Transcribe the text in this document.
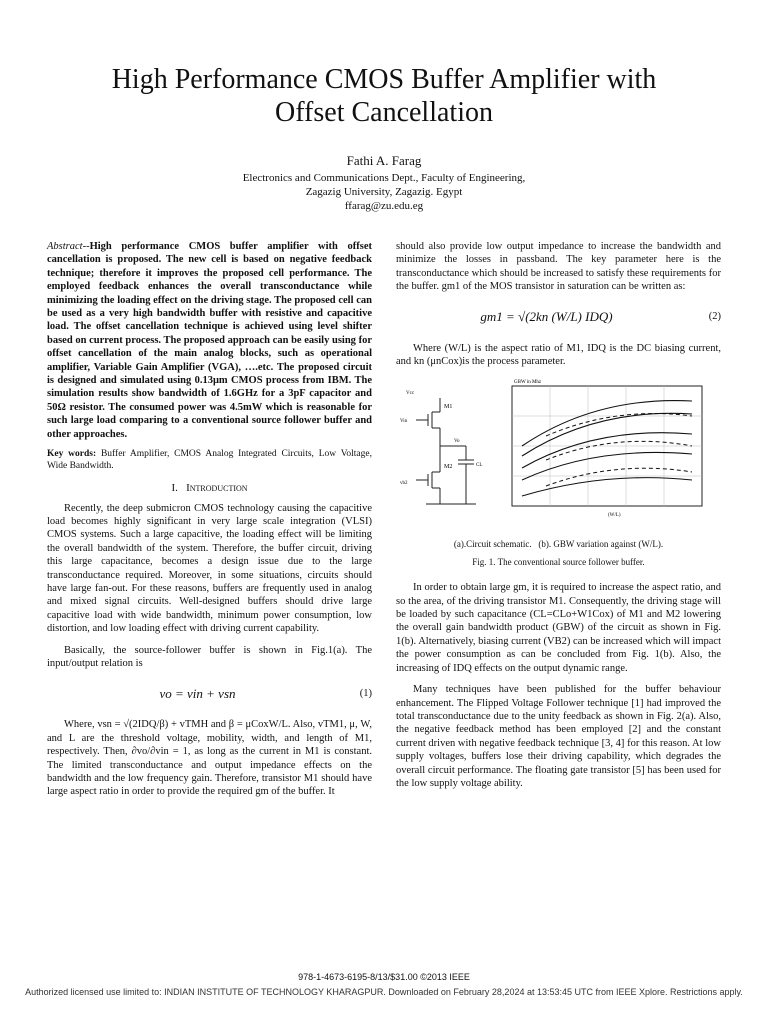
High Performance CMOS Buffer Amplifier with
Offset Cancellation
Fathi A. Farag
Electronics and Communications Dept., Faculty of Engineering,
Zagazig University, Zagazig. Egypt
ffarag@zu.edu.eg

Abstract--High performance CMOS buffer amplifier with offset cancellation is proposed. The new cell is based on negative feedback technique; therefore it improves the proposed cell performance. The employed feedback enhances the overall transconductance while minimizing the loading effect on the driving stage. The proposed cell can be used as a very high bandwidth buffer with resistive and capacitive load. The offset cancellation technique is achieved using level shifter based on current process. The proposed approach can be easily using for offset cancellation of the main analog blocks, such as operational amplifier, Variable Gain Amplifier (VGA), ….etc. The proposed circuit is designed and simulated using 0.13μm CMOS process from IBM. The simulation results show bandwidth of 1.6GHz for a 3pF capacitor and 50Ω resistor. The consumed power was 4.5mW which is reasonable for such large load comparing to a conventional source follower buffer and other approaches.

Key words: Buffer Amplifier, CMOS Analog Integrated Circuits, Low Voltage, Wide Bandwidth.

I. Introduction

Recently, the deep submicron CMOS technology causing the capacitive load becomes highly significant in very large scale integration (VLSI) CMOS systems. Such a large capacitive, the loading effect will be limiting the overall bandwidth of the system. Therefore, the buffer circuit, driving this large capacitance, becomes a design issue due to the large transconductance required. Moreover, in some situations, circuits should have large fan-out. For these reasons, buffers are frequently used in analog and mixed signal circuits. Well-designed buffers should drive large capacitive load with wide bandwidth, minimum power consumption, low distortion, and low loading effect with driving current capability.

Basically, the source-follower buffer is shown in Fig.1(a). The input/output relation is

vo = vin + vsn	(1)

Where, vsn = √(2IDQ/β) + vTMH and β = μCoxW/L. Also, vTM1, μ, W, and L are the threshold voltage, mobility, width, and length of M1, respectively. Then, ∂vo/∂vin = 1, as long as the current in M1 is constant. The limited transconductance and output impedance effects on the bandwidth and the low frequency gain. Therefore, transistor M1 should have large aspect ratio in order to provide the required gm of the buffer. It

should also provide low output impedance to increase the bandwidth and minimize the losses in passband. The key parameter here is the transconductance which should be increased to satisfy these requirements for the buffer. gm1 of the MOS transistor in saturation can be written as:

gm1 = √(2kn (W/L) IDQ)	(2)

Where (W/L) is the aspect ratio of M1, IDQ is the DC biasing current, and kn (μnCox)is the process parameter.

M1
Vcc
Vin
Vo
M2	CL
vb2
GBW in Mhz
(W/L)
(a).Circuit schematic. (b). GBW variation against (W/L).
Fig. 1. The conventional source follower buffer.

In order to obtain large gm, it is required to increase the aspect ratio, and so the area, of the driving transistor M1. Consequently, the driving stage will be loaded by such capacitance (CL=CLo+W1Cox) of M1 and M2 lowering the overall gain bandwidth product (GBW) of the circuit as shown in Fig. 1(b). Alternatively, biasing current (VB2) can be increased which will impact the power consumption as can be concluded from Fig. 1(b). Also, the increasing of IDQ effects on the output dynamic range.

Many techniques have been published for the buffer behaviour enhancement. The Flipped Voltage Follower technique [1] had improved the total transconductance due to the unity feedback as shown in Fig. 2(a). Also, the negative feedback method has been employed [2] and the constant current driven with negative feedback technique [3, 4] for this reason. At low supply voltages, buffers lose their driving capability, which degrades the overall circuit performance. The floating gate transistor [5] has been used for the low supply voltage ability.

978-1-4673-6195-8/13/$31.00 ©2013 IEEE
Authorized licensed use limited to: INDIAN INSTITUTE OF TECHNOLOGY KHARAGPUR. Downloaded on February 28,2024 at 13:53:45 UTC from IEEE Xplore. Restrictions apply.
